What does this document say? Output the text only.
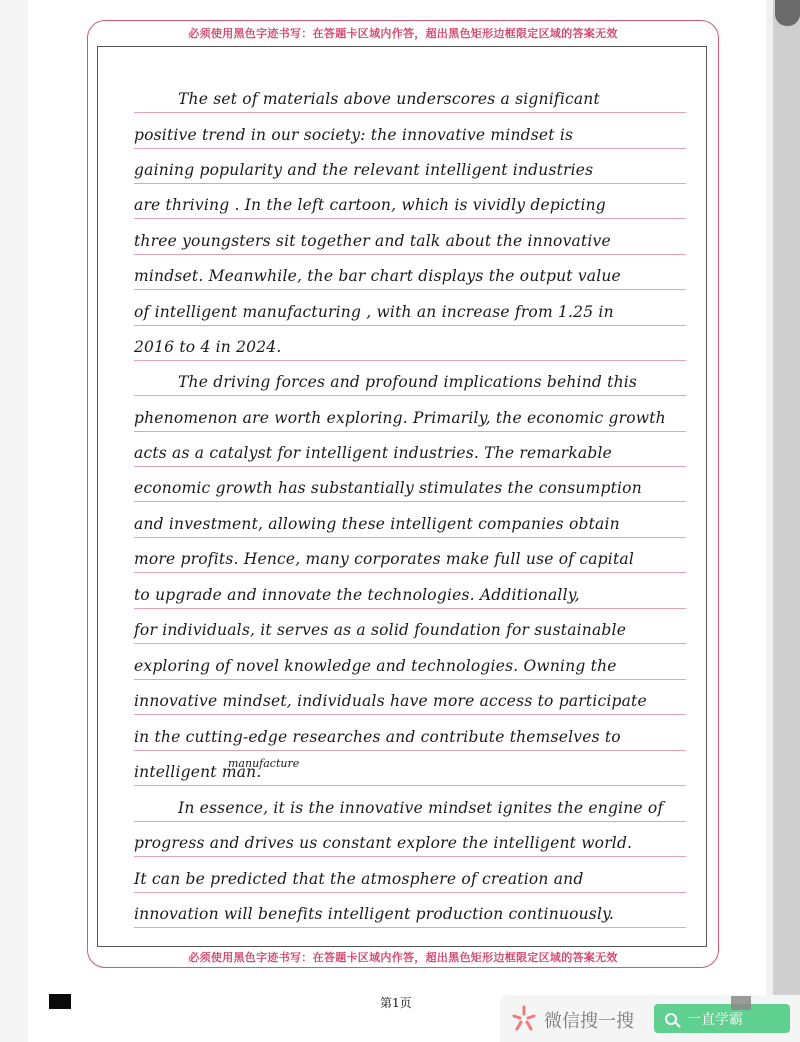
必须使用黑色字迹书写：在答题卡区域内作答，超出黑色矩形边框限定区域的答案无效
The set of materials above underscores a significant
positive trend in our society: the innovative mindset is
gaining popularity and the relevant intelligent industries
are thriving . In the left cartoon, which is vividly depicting
three youngsters sit together and talk about the innovative
mindset. Meanwhile, the bar chart displays the output value
of intelligent manufacturing , with an increase from 1.25 in
2016 to 4 in 2024.
The driving forces and profound implications behind this
phenomenon are worth exploring. Primarily, the economic growth
acts as a catalyst for intelligent industries. The remarkable
economic growth has substantially stimulates the consumption
and investment, allowing these intelligent companies obtain
more profits. Hence, many corporates make full use of capital
to upgrade and innovate the technologies. Additionally,
for individuals, it serves as a solid foundation for sustainable
exploring of novel knowledge and technologies. Owning the
innovative mindset, individuals have more access to participate
in the cutting-edge researches and contribute themselves to
intelligent man.
In essence, it is the innovative mindset ignites the engine of
progress and drives us constant explore the intelligent world.
It can be predicted that the atmosphere of creation and
innovation will benefits intelligent production continuously.
manufacture
必须使用黑色字迹书写：在答题卡区域内作答，超出黑色矩形边框限定区域的答案无效
第1页
微信搜一搜	一直学霸
